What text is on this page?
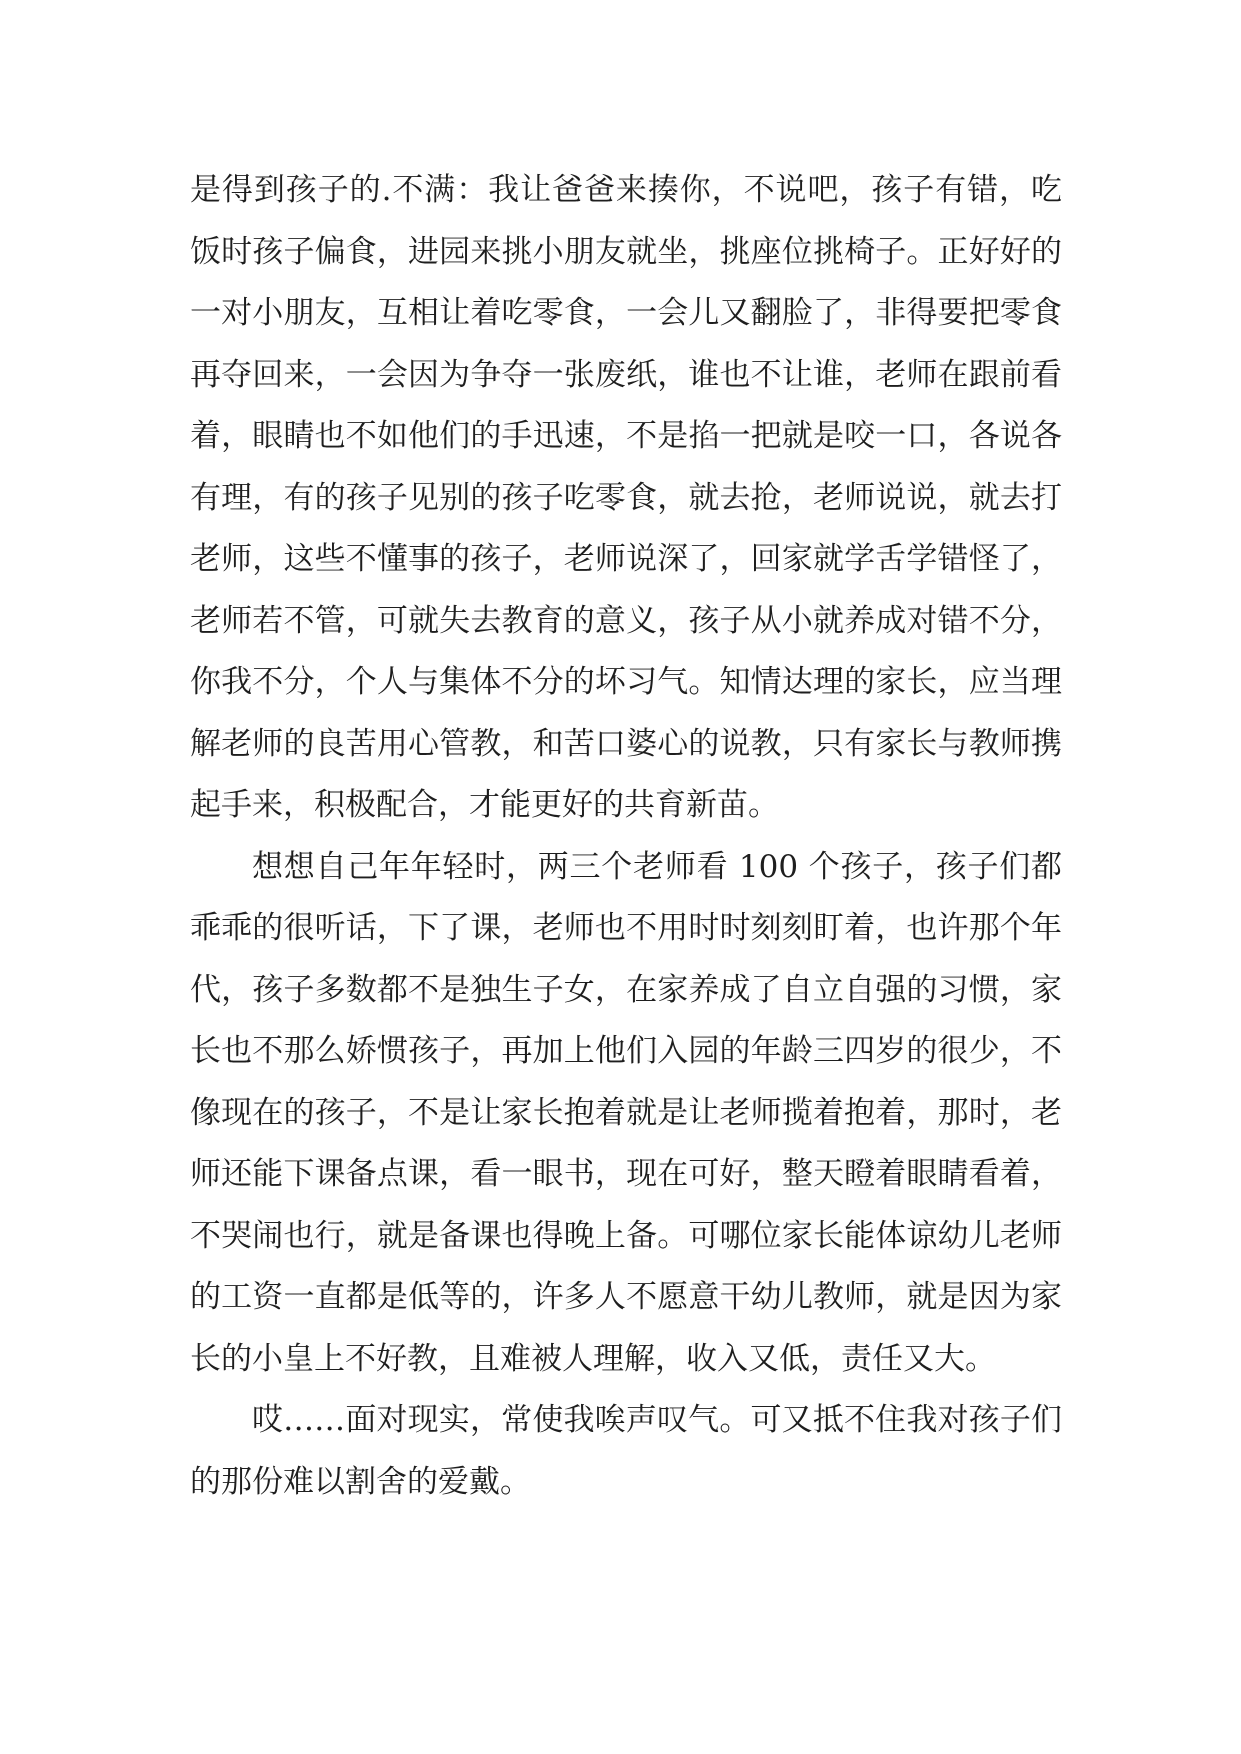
是得到孩子的.不满：我让爸爸来揍你，不说吧，孩子有错，吃饭时孩子偏食，进园来挑小朋友就坐，挑座位挑椅子。正好好的一对小朋友，互相让着吃零食，一会儿又翻脸了，非得要把零食再夺回来，一会因为争夺一张废纸，谁也不让谁，老师在跟前看着，眼睛也不如他们的手迅速，不是掐一把就是咬一口，各说各有理，有的孩子见别的孩子吃零食，就去抢，老师说说，就去打老师，这些不懂事的孩子，老师说深了，回家就学舌学错怪了，老师若不管，可就失去教育的意义，孩子从小就养成对错不分，你我不分，个人与集体不分的坏习气。知情达理的家长，应当理解老师的良苦用心管教，和苦口婆心的说教，只有家长与教师携起手来，积极配合，才能更好的共育新苗。

想想自己年年轻时，两三个老师看 100 个孩子，孩子们都乖乖的很听话，下了课，老师也不用时时刻刻盯着，也许那个年代，孩子多数都不是独生子女，在家养成了自立自强的习惯，家长也不那么娇惯孩子，再加上他们入园的年龄三四岁的很少，不像现在的孩子，不是让家长抱着就是让老师揽着抱着，那时，老师还能下课备点课，看一眼书，现在可好，整天瞪着眼睛看着，不哭闹也行，就是备课也得晚上备。可哪位家长能体谅幼儿老师的工资一直都是低等的，许多人不愿意干幼儿教师，就是因为家长的小皇上不好教，且难被人理解，收入又低，责任又大。

哎……面对现实，常使我唉声叹气。可又抵不住我对孩子们的那份难以割舍的爱戴。
